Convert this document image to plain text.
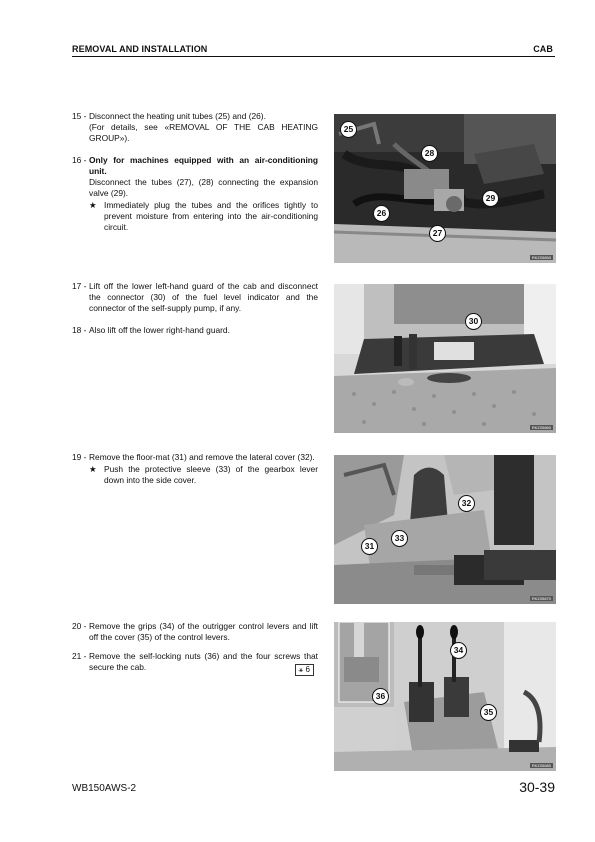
REMOVAL AND INSTALLATION	CAB
15 - Disconnect the heating unit tubes (25) and (26).

(For details, see «REMOVAL OF THE CAB HEATING GROUP»).

16 - Only for machines equipped with an air-conditioning unit.

Disconnect the tubes (27), (28) connecting the expansion valve (29).

★ Immediately plug the tubes and the orifices tightly to prevent moisture from entering into the air-conditioning circuit.

17 - Lift off the lower left-hand guard of the cab and disconnect the connector (30) of the fuel level indicator and the connector of the self-supply pump, if any.

18 - Also lift off the lower right-hand guard.

19 - Remove the floor-mat (31) and remove the lateral cover (32).

★ Push the protective sleeve (33) of the gearbox lever down into the side cover.

20 - Remove the grips (34) of the outrigger control levers and lift off the cover (35) of the control levers.

21 - Remove the self-locking nuts (36) and the four screws that secure the cab.	⚹ 6
25
28
29
26
27
RKZ05650
30
RKZ05660
32
33
31
RKZ05670
34
36
35
RKZ05680
WB150AWS-2	30-39
